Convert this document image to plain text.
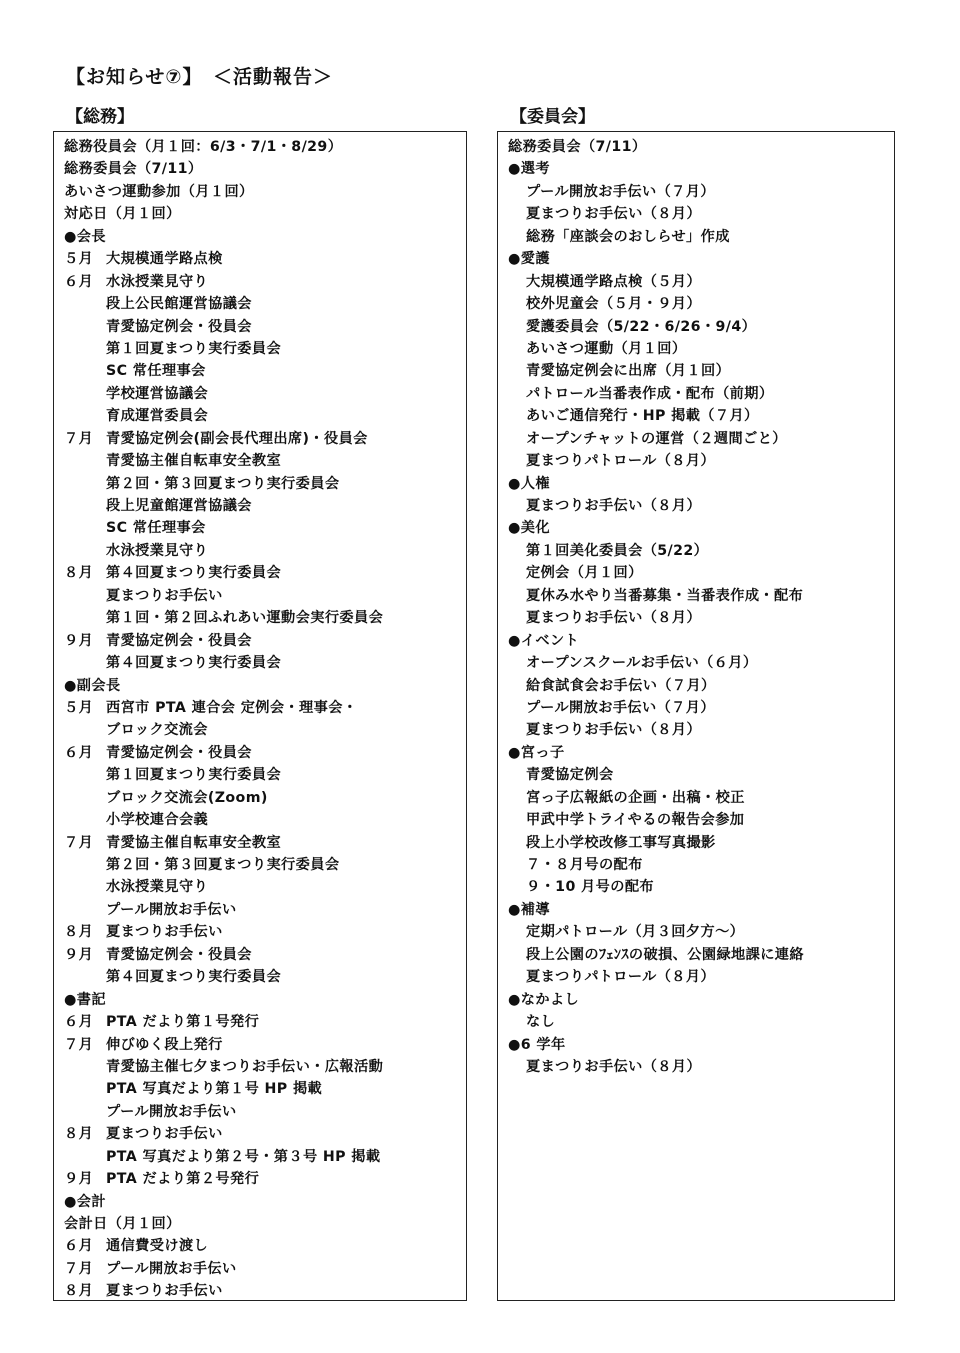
【お知らせ⑦】　＜活動報告＞
【総務】	【委員会】
総務役員会（月１回：6/3・7/1・8/29）
総務委員会（7/11）
あいさつ運動参加（月１回）
対応日（月１回）
●会長
５月 大規模通学路点検
６月 水泳授業見守り
段上公民館運営協議会
青愛協定例会・役員会
第１回夏まつり実行委員会
SC 常任理事会
学校運営協議会
育成運営委員会
７月 青愛協定例会(副会長代理出席)・役員会
青愛協主催自転車安全教室
第２回・第３回夏まつり実行委員会
段上児童館運営協議会
SC 常任理事会
水泳授業見守り
８月 第４回夏まつり実行委員会
夏まつりお手伝い
第１回・第２回ふれあい運動会実行委員会
９月 青愛協定例会・役員会
第４回夏まつり実行委員会
●副会長
５月 西宮市 PTA 連合会 定例会・理事会・
ブロック交流会
６月 青愛協定例会・役員会
第１回夏まつり実行委員会
ブロック交流会(Zoom)
小学校連合会義
７月 青愛協主催自転車安全教室
第２回・第３回夏まつり実行委員会
水泳授業見守り
プール開放お手伝い
８月 夏まつりお手伝い
９月 青愛協定例会・役員会
第４回夏まつり実行委員会
●書記
６月 PTA だより第１号発行
７月 伸びゆく段上発行
青愛協主催七夕まつりお手伝い・広報活動
PTA 写真だより第１号 HP 掲載
プール開放お手伝い
８月 夏まつりお手伝い
PTA 写真だより第２号・第３号 HP 掲載
９月 PTA だより第２号発行
●会計
会計日（月１回）
６月 通信費受け渡し
７月 プール開放お手伝い
８月 夏まつりお手伝い
総務委員会（7/11）
●選考
プール開放お手伝い（７月）
夏まつりお手伝い（８月）
総務「座談会のおしらせ」作成
●愛護
大規模通学路点検（５月）
校外児童会（５月・９月）
愛護委員会（5/22・6/26・9/4）
あいさつ運動（月１回）
青愛協定例会に出席（月１回）
パトロール当番表作成・配布（前期）
あいご通信発行・HP 掲載（７月）
オープンチャットの運営（２週間ごと）
夏まつりパトロール（８月）
●人権
夏まつりお手伝い（８月）
●美化
第１回美化委員会（5/22）
定例会（月１回）
夏休み水やり当番募集・当番表作成・配布
夏まつりお手伝い（８月）
●イベント
オープンスクールお手伝い（６月）
給食試食会お手伝い（７月）
プール開放お手伝い（７月）
夏まつりお手伝い（８月）
●宮っ子
青愛協定例会
宮っ子広報紙の企画・出稿・校正
甲武中学トライやるの報告会参加
段上小学校改修工事写真撮影
７・８月号の配布
９・10 月号の配布
●補導
定期パトロール（月３回夕方～）
段上公園のﾌｪﾝｽの破損、公園緑地課に連絡
夏まつりパトロール（８月）
●なかよし
なし
●6 学年
夏まつりお手伝い（８月）
